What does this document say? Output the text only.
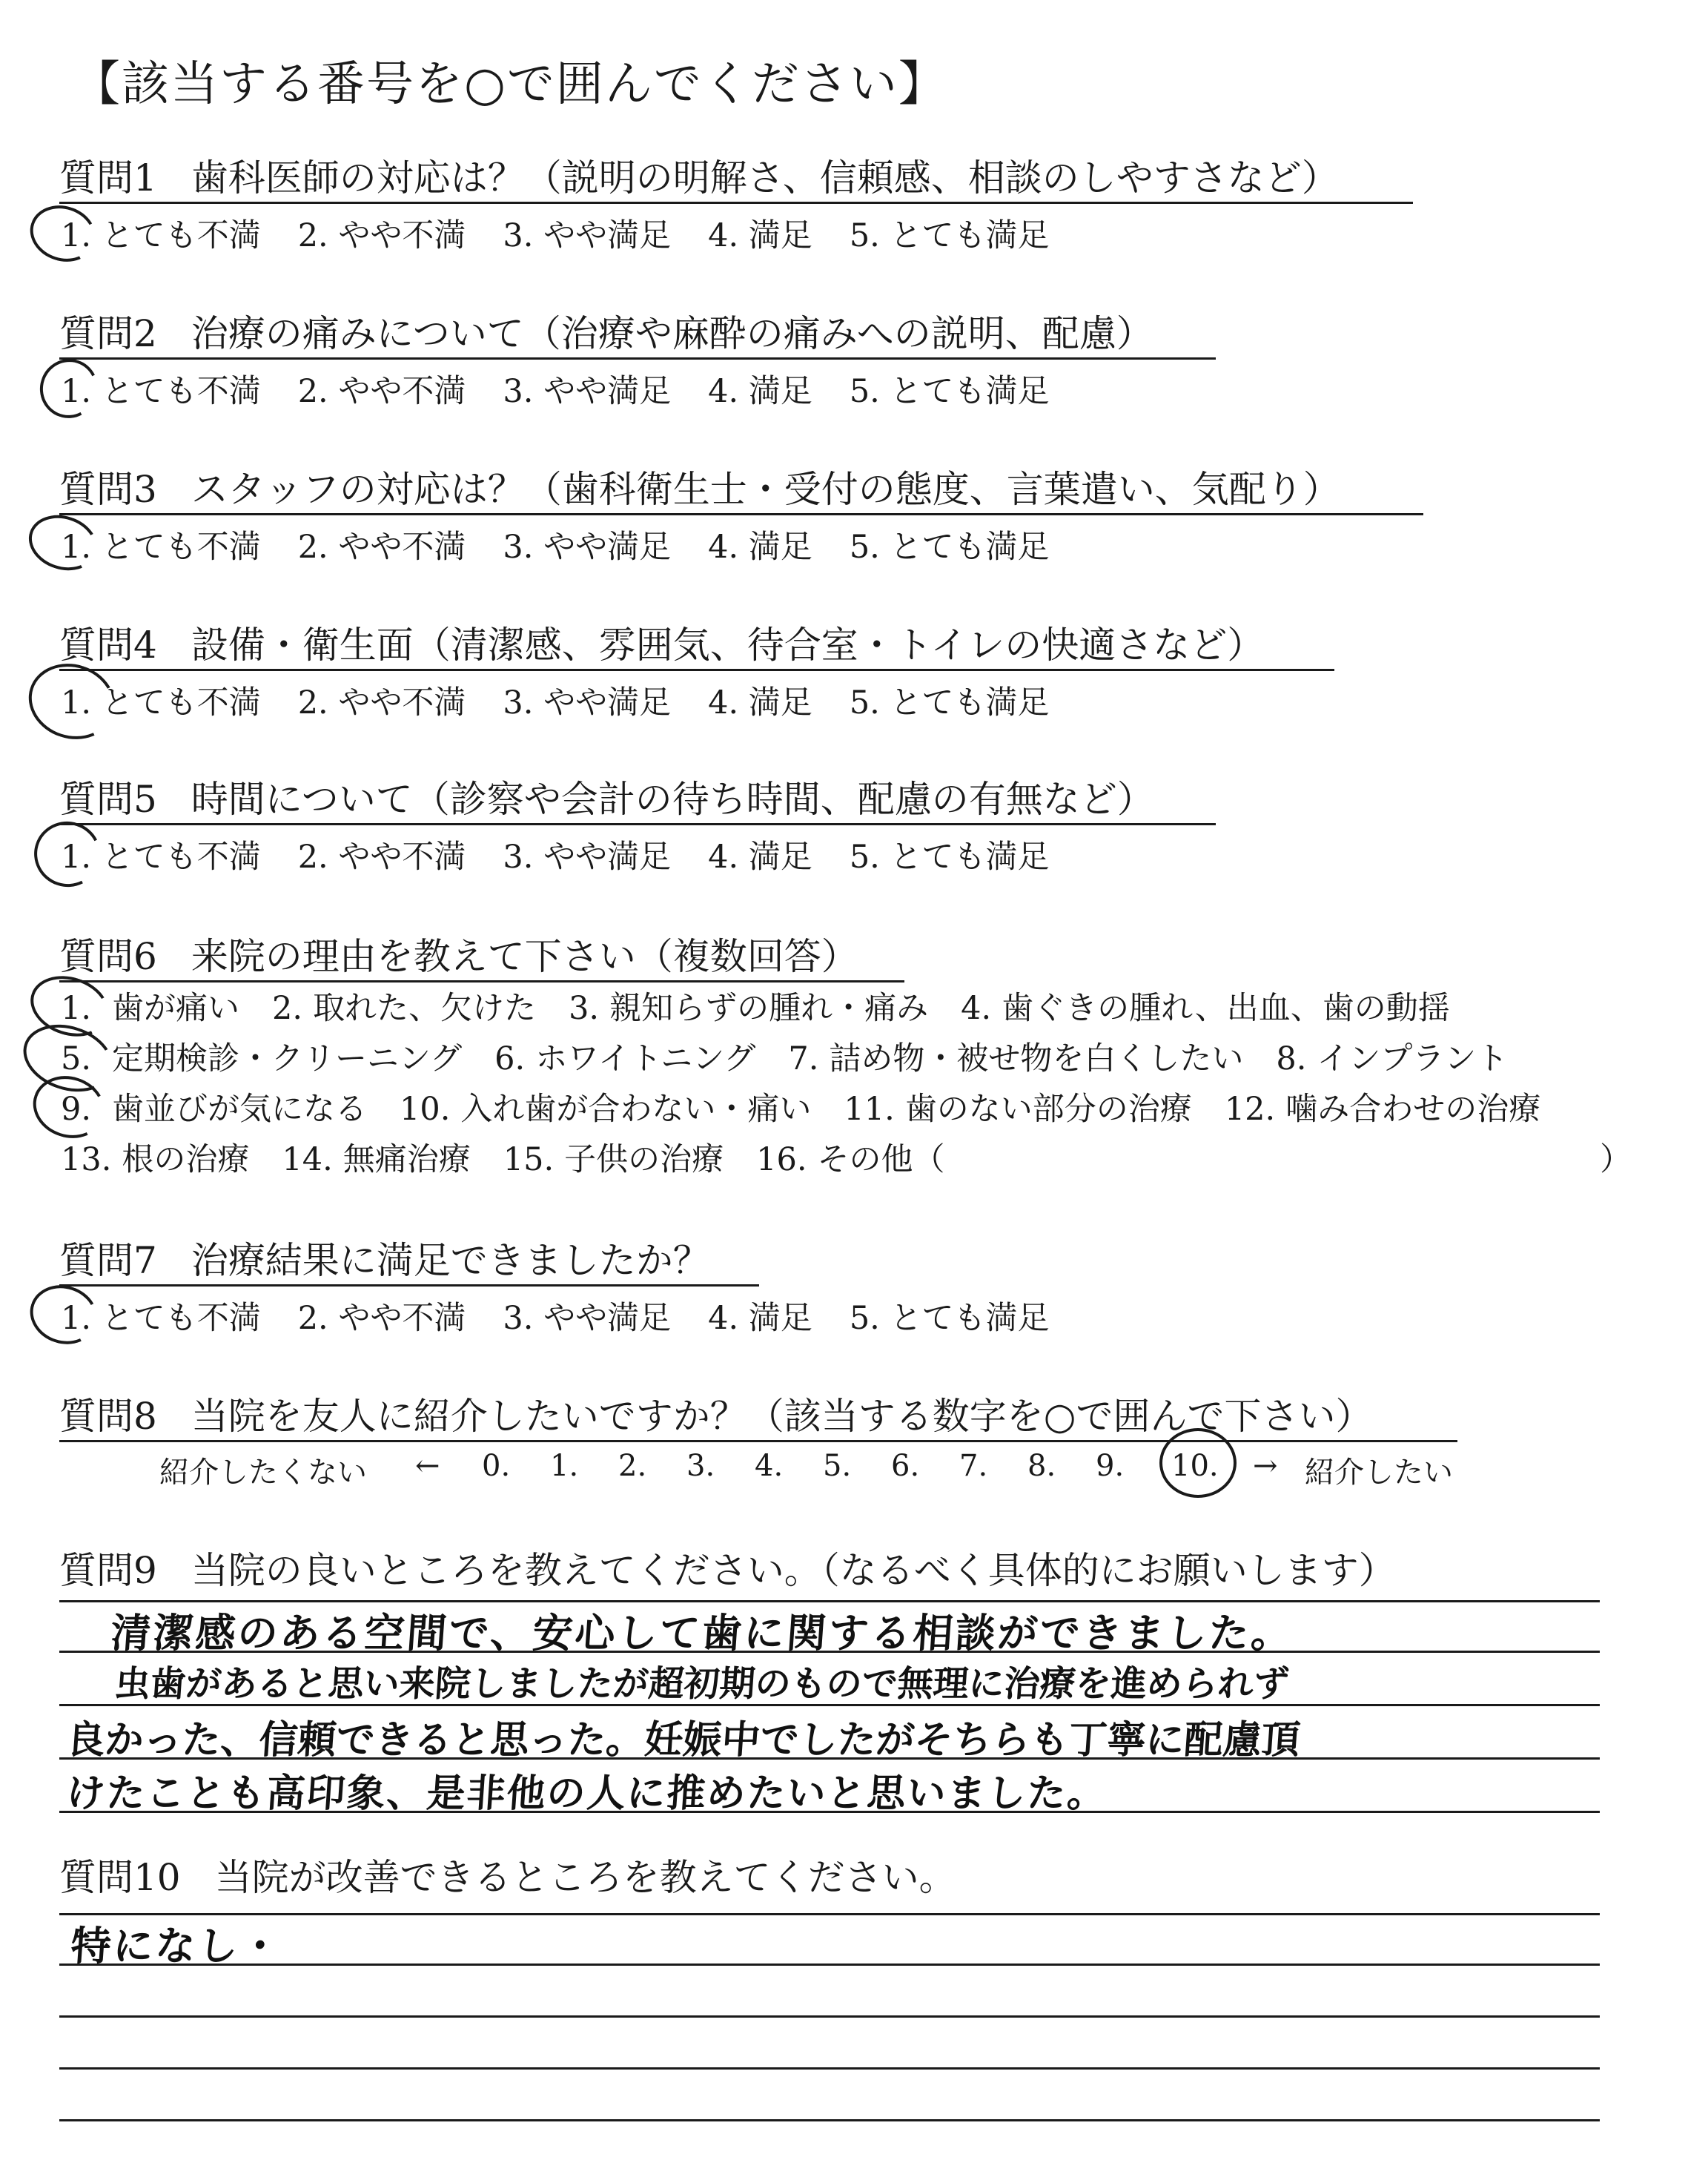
【該当する番号を○で囲んでください】
質問1 歯科医師の対応は？（説明の明解さ、信頼感、相談のしやすさなど）
1. とても不満 2. やや不満 3. やや満足 4. 満足 5. とても満足
質問2 治療の痛みについて（治療や麻酔の痛みへの説明、配慮）
1. とても不満 2. やや不満 3. やや満足 4. 満足 5. とても満足
質問3 スタッフの対応は？（歯科衛生士・受付の態度、言葉遣い、気配り）
1. とても不満 2. やや不満 3. やや満足 4. 満足 5. とても満足
質問4 設備・衛生面（清潔感、雰囲気、待合室・トイレの快適さなど）
1. とても不満 2. やや不満 3. やや満足 4. 満足 5. とても満足
質問5 時間について（診察や会計の待ち時間、配慮の有無など）
1. とても不満 2. やや不満 3. やや満足 4. 満足 5. とても満足
質問6 来院の理由を教えて下さい（複数回答）
1. 歯が痛い 2. 取れた、欠けた 3. 親知らずの腫れ・痛み 4. 歯ぐきの腫れ、出血、歯の動揺
5. 定期検診・クリーニング 6. ホワイトニング 7. 詰め物・被せ物を白くしたい 8. インプラント
9. 歯並びが気になる 10. 入れ歯が合わない・痛い 11. 歯のない部分の治療 12. 噛み合わせの治療
13. 根の治療 14. 無痛治療 15. 子供の治療 16. その他（	）
質問7 治療結果に満足できましたか？
1. とても不満 2. やや不満 3. やや満足 4. 満足 5. とても満足
質問8 当院を友人に紹介したいですか？（該当する数字を○で囲んで下さい）
紹介したくない ← 0. 1. 2. 3. 4. 5. 6. 7. 8. 9. 10. → 紹介したい
質問9 当院の良いところを教えてください。（なるべく具体的にお願いします）
清潔感のある空間で、安心して歯に関する相談ができました。
虫歯があると思い来院しましたが超初期のもので無理に治療を進められず
良かった、信頼できると思った。妊娠中でしたがそちらも丁寧に配慮頂
けたことも高印象、是非他の人に推めたいと思いました。
質問10 当院が改善できるところを教えてください。
特になし・
